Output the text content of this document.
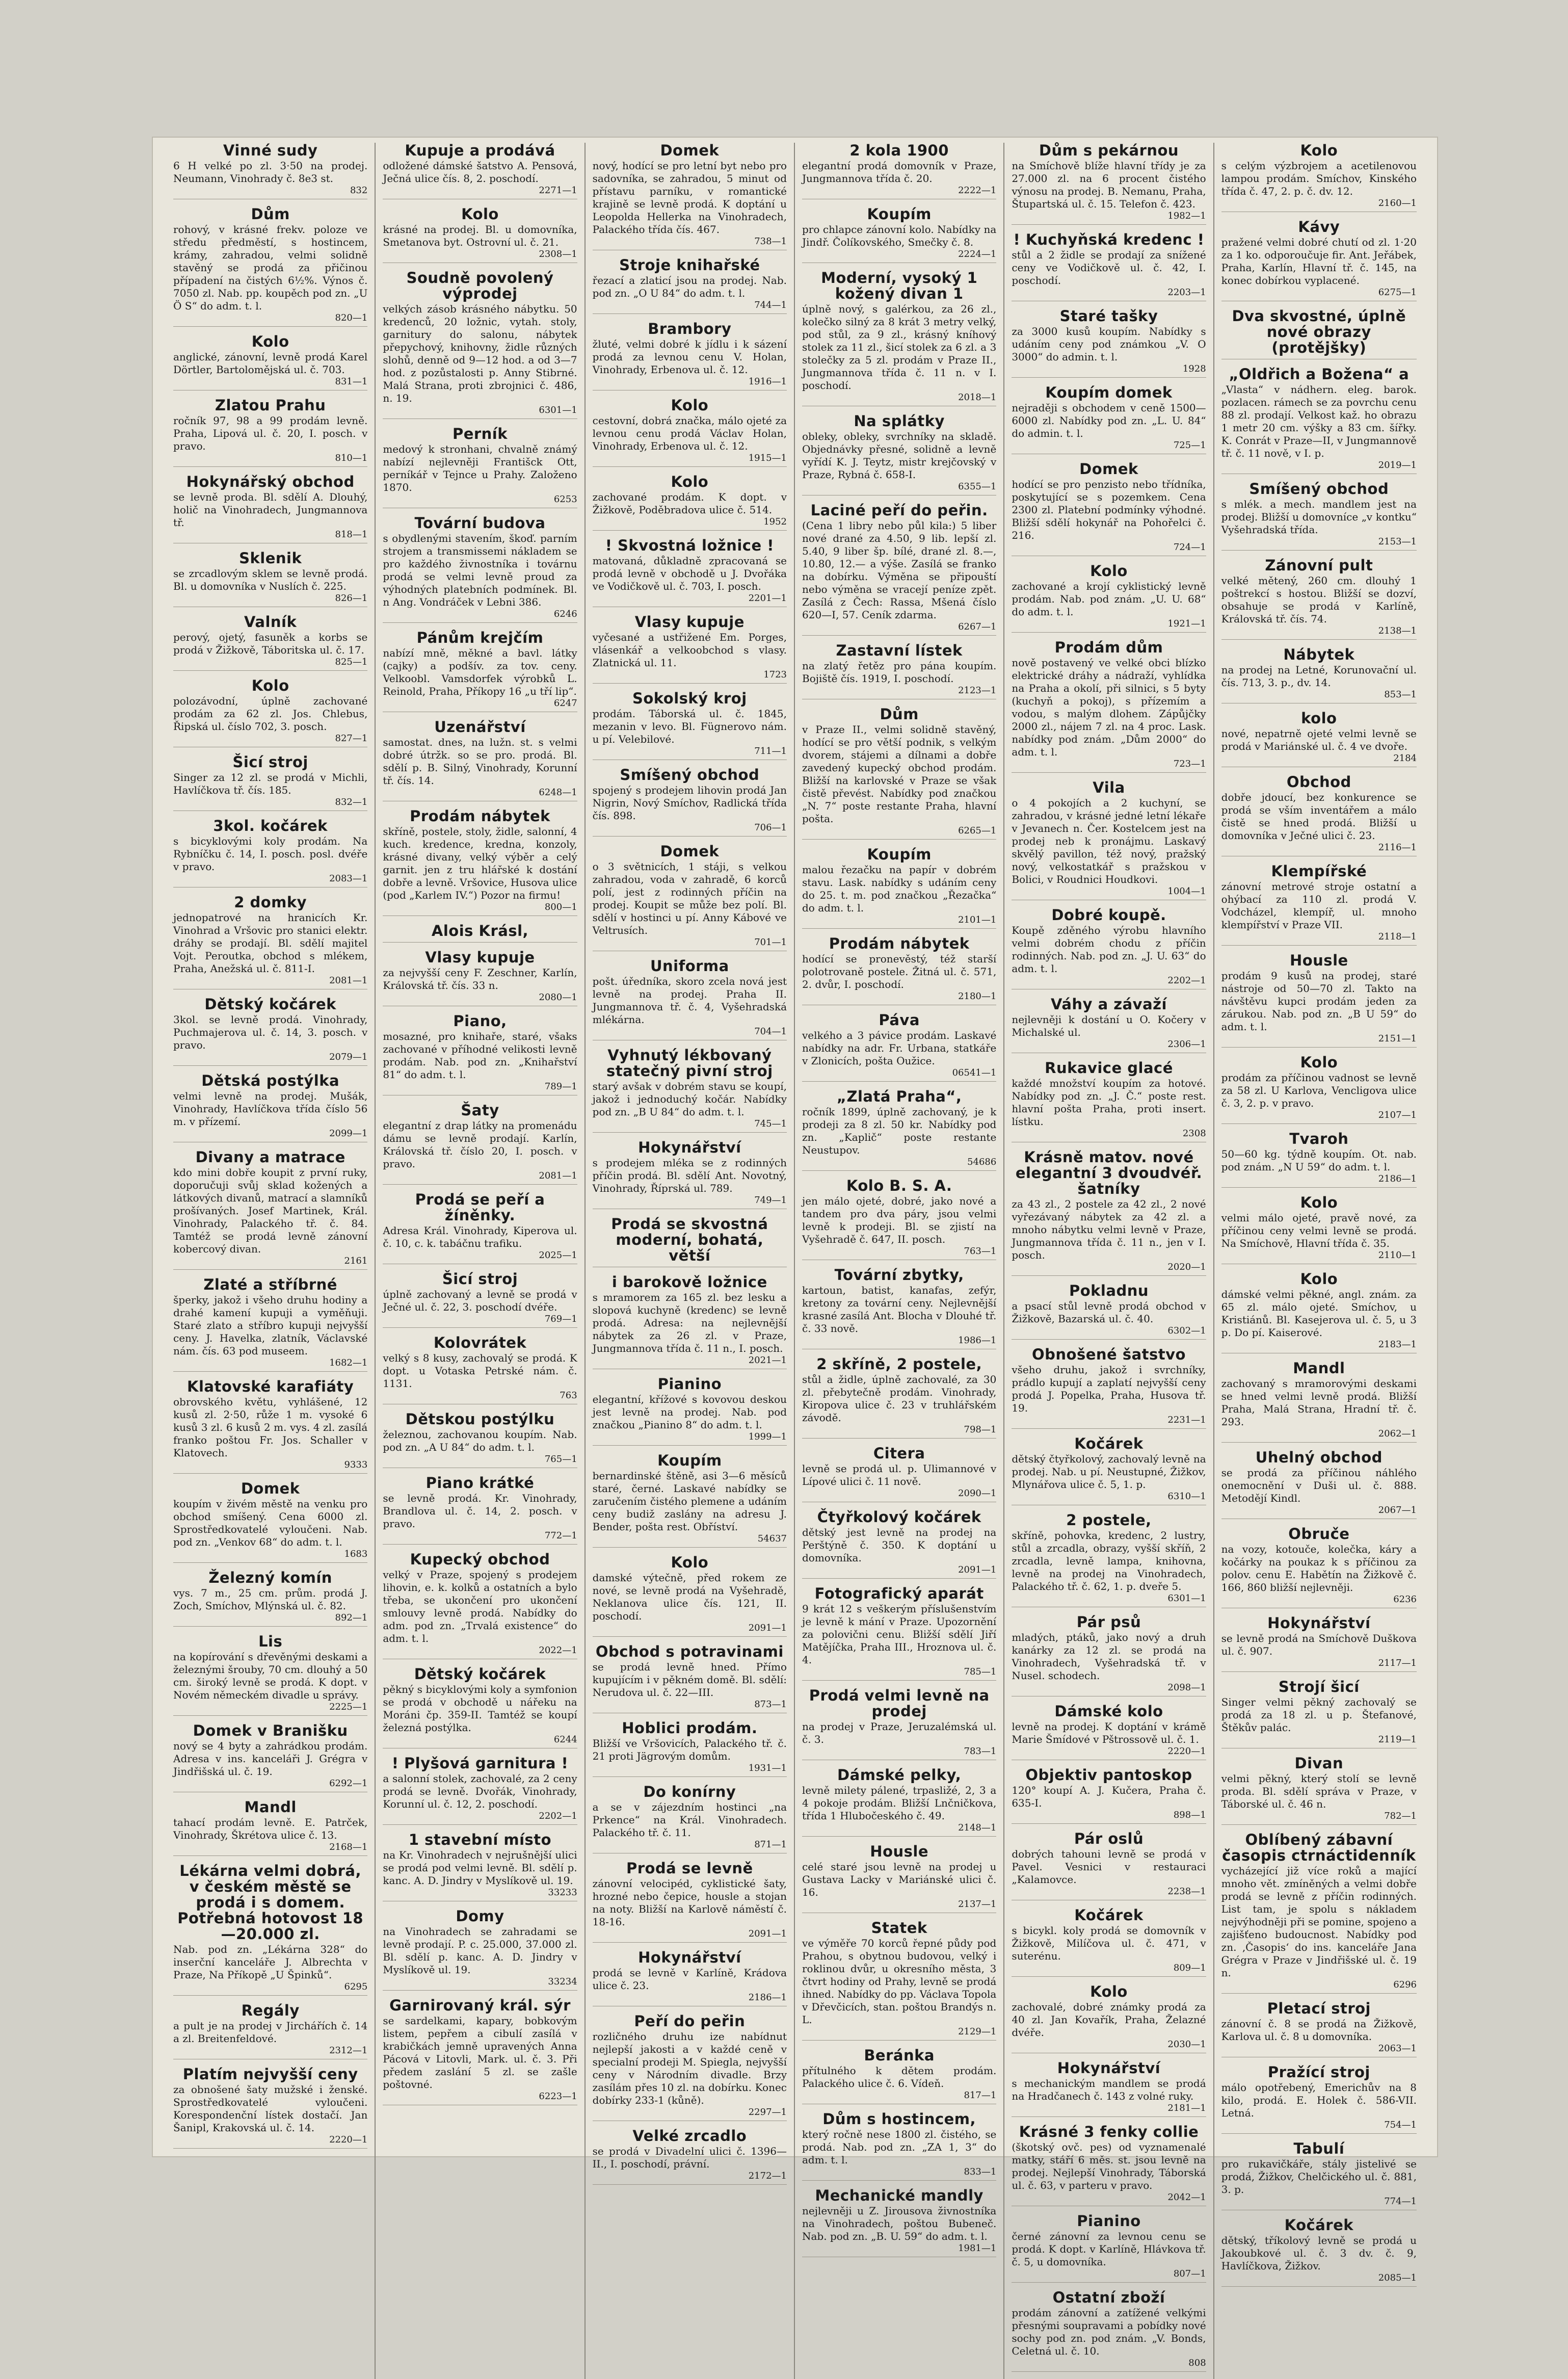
Vinné sudy

6 H velké po zl. 3·50 na prodej. Neumann, Vinohrady č. 8e3 st.

832
Dům

rohový, v krásné frekv. poloze ve středu předměstí, s hostincem, krámy, zahradou, velmi solidně stavěný se prodá za přičinou případení na čistých 6½%. Výnos č. 7050 zl. Nab. pp. koupěch pod zn. „U Ö S“ do adm. t. l.

820—1
Kolo

anglické, zánovní, levně prodá Karel Dörtler, Bartolomějská ul. č. 703.

831—1
Zlatou Prahu

ročník 97, 98 a 99 prodám levně. Praha, Lipová ul. č. 20, I. posch. v pravo.

810—1
Hokynářský obchod

se levně proda. Bl. sdělí A. Dlouhý, holič na Vinohradech, Jungmannova tř.

818—1
Sklenik

se zrcadlovým sklem se levně prodá. Bl. u domovníka v Nuslích č. 225.

826—1
Valník

perový, ojetý, fasuněk a korbs se prodá v Žižkově, Táboritska ul. č. 17.

825—1
Kolo

polozávodní, úplně zachované prodám za 62 zl. Jos. Chlebus, Řipská ul. číslo 702, 3. posch.

827—1
Šicí stroj

Singer za 12 zl. se prodá v Michli, Havlíčkova tř. čís. 185.

832—1
3kol. kočárek

s bicyklovými koly prodám. Na Rybníčku č. 14, I. posch. posl. dvéře v pravo.

2083—1
2 domky

jednopatrové na hranicích Kr. Vinohrad a Vršovic pro stanici elektr. dráhy se prodají. Bl. sdělí majitel Vojt. Peroutka, obchod s mlékem, Praha, Anežská ul. č. 811-I.

2081—1
Dětský kočárek

3kol. se levně prodá. Vinohrady, Puchmajerova ul. č. 14, 3. posch. v pravo.

2079—1
Dětská postýlka

velmi levně na prodej. Mušák, Vinohrady, Havlíčkova třída číslo 56 m. v přízemí.

2099—1
Divany a matrace

kdo mini dobře koupit z první ruky, doporučuji svůj sklad kožených a látkových divanů, matrací a slamníků prošívaných. Josef Martinek, Král. Vinohrady, Palackého tř. č. 84. Tamtéž se prodá levně zánovní kobercový divan.

2161
Zlaté a stříbrné

šperky, jakož i všeho druhu hodiny a drahé kamení kupuji a vyměňuji. Staré zlato a stříbro kupuji nejvyšší ceny. J. Havelka, zlatník, Václavské nám. čís. 63 pod museem.

1682—1
Klatovské karafiáty

obrovského květu, vyhlášené, 12 kusů zl. 2·50, růže 1 m. vysoké 6 kusů 3 zl. 6 kusů 2 m. vys. 4 zl. zasílá franko poštou Fr. Jos. Schaller v Klatovech.

9333
Domek

koupím v živém městě na venku pro obchod smíšený. Cena 6000 zl. Sprostředkovatelé vyloučeni. Nab. pod zn. „Venkov 68“ do adm. t. l.

1683
Železný komín

vys. 7 m., 25 cm. prům. prodá J. Zoch, Smíchov, Mlýnská ul. č. 82.

892—1
Lis

na kopírování s dřevěnými deskami a železnými šrouby, 70 cm. dlouhý a 50 cm. široký levně se prodá. K dopt. v Novém německém divadle u správy.

2225—1
Domek v Branišku

nový se 4 byty a zahrádkou prodám. Adresa v ins. kanceláři J. Grégra v Jindřišská ul. č. 19.

6292—1
Mandl

tahací prodám levně. E. Patrček, Vinohrady, Škrétova ulice č. 13.

2168—1
Lékárna velmi dobrá, v českém městě se prodá i s domem. Potřebná hotovost 18—20.000 zl.

Nab. pod zn. „Lékárna 328“ do inserční kanceláře J. Albrechta v Praze, Na Příkopě „U Špinků“.

6295
Regály

a pult je na prodej v Jirchářích č. 14 a zl. Breitenfeldové.

2312—1
Platím nejvyšší ceny

za obnošené šaty mužské i ženské. Sprostředkovatelé vyloučeni. Korespondenční lístek dostačí. Jan Šanipl, Krakovská ul. č. 14.

2220—1
Kupuje a prodává

odložené dámské šatstvo A. Pensová, Ječná ulice čís. 8, 2. poschodí.

2271—1
Kolo

krásné na prodej. Bl. u domovníka, Smetanova byt. Ostrovní ul. č. 21.

2308—1
Soudně povolený výprodej

velkých zásob krásného nábytku. 50 kredenců, 20 ložnic, vytah. stoly, garnitury do salonu, nábytek přepychový, knihovny, židle různých slohů, denně od 9—12 hod. a od 3—7 hod. z pozůstalosti p. Anny Stibrné. Malá Strana, proti zbrojnici č. 486, n. 19.

6301—1
Perník

medový k stronhani, chvalně známý nabízí nejlevněji Františck Ott, perníkář v Tejnce u Prahy. Založeno 1870.

6253
Tovární budova

s obydlenými stavením, škoď. parním strojem a transmissemi nákladem se pro každého živnostníka i továrnu prodá se velmi levně proud za výhodných platebních podmínek. Bl. n Ang. Vondráček v Lebni 386.

6246
Pánům krejčím

nabízí mně, měkné a bavl. látky (cajky) a podšív. za tov. ceny. Velkoobl. Vamsdorfek výrobků L. Reinold, Praha, Příkopy 16 „u tří lip“.

6247
Uzenářství

samostat. dnes, na lužn. st. s velmi dobré útržk. so se pro. prodá. Bl. sdělí p. B. Silný, Vinohrady, Korunní tř. čís. 14.

6248—1
Prodám nábytek

skříně, postele, stoly, židle, salonní, 4 kuch. kredence, kredna, konzoly, krásné divany, velký výběr a celý garnit. jen z tru hlářské k dostání dobře a levně. Vršovice, Husova ulice (pod „Karlem IV.“) Pozor na firmu!

800—1
Alois Krásl,
Vlasy kupuje

za nejvyšší ceny F. Zeschner, Karlín, Královská tř. čís. 33 n.

2080—1
Piano,

mosazné, pro knihaře, staré, všaks zachované v příhodné velikosti levně prodám. Nab. pod zn. „Knihařství 81“ do adm. t. l.

789—1
Šaty

elegantní z drap látky na promenádu dámu se levně prodají. Karlín, Královská tř. číslo 20, I. posch. v pravo.

2081—1
Prodá se peří a žíněnky.

Adresa Král. Vinohrady, Kiperova ul. č. 10, c. k. tabáčnu trafiku.

2025—1
Šicí stroj

úplně zachovaný a levně se prodá v Ječné ul. č. 22, 3. poschodí dvéře.

769—1
Kolovrátek

velký s 8 kusy, zachovalý se prodá. K dopt. u Votaska Petrské nám. č. 1131.

763
Dětskou postýlku

železnou, zachovanou koupím. Nab. pod zn. „A U 84“ do adm. t. l.

765—1
Piano krátké

se levně prodá. Kr. Vinohrady, Brandlova ul. č. 14, 2. posch. v pravo.

772—1
Kupecký obchod

velký v Praze, spojený s prodejem lihovin, e. k. kolků a ostatních a bylo třeba, se ukončení pro ukončení smlouvy levně prodá. Nabídky do adm. pod zn. „Trvalá existence“ do adm. t. l.

2022—1
Dětský kočárek

pěkný s bicyklovými koly a symfonion se prodá v obchodě u nářeku na Moráni čp. 359-II. Tamtéž se koupí železná postýlka.

6244
! Plyšová garnitura !

a salonní stolek, zachovalé, za 2 ceny prodá se levně. Dvořák, Vinohrady, Korunní ul. č. 12, 2. poschodí.

2202—1
1 stavební místo

na Kr. Vinohradech v nejrušnější ulici se prodá pod velmi levně. Bl. sdělí p. kanc. A. D. Jindry v Myslíkově ul. 19.

33233
Domy

na Vinohradech se zahradami se levně prodají. P. c. 25.000, 37.000 zl. Bl. sdělí p. kanc. A. D. Jindry v Myslíkově ul. 19.

33234
Garnirovaný král. sýr

se sardelkami, kapary, bobkovým listem, pepřem a cibulí zasílá v krabičkách jemně upravených Anna Pácová v Litovli, Mark. ul. č. 3. Při předem zaslání 5 zl. se zašle poštovné.

6223—1
Domek

nový, hodící se pro letní byt nebo pro sadovníka, se zahradou, 5 minut od přístavu parníku, v romantické krajině se levně prodá. K doptání u Leopolda Hellerka na Vinohradech, Palackého třída čís. 467.

738—1
Stroje knihařské

řezací a zlaticí jsou na prodej. Nab. pod zn. „O U 84“ do adm. t. l.

744—1
Brambory

žluté, velmi dobré k jídlu i k sázení prodá za levnou cenu V. Holan, Vinohrady, Erbenova ul. č. 12.

1916—1
Kolo

cestovní, dobrá značka, málo ojeté za levnou cenu prodá Václav Holan, Vinohrady, Erbenova ul. č. 12.

1915—1
Kolo

zachované prodám. K dopt. v Žižkově, Poděbradova ulice č. 514.

1952
! Skvostná ložnice !

matovaná, důkladně zpracovaná se prodá levně v obchodě u J. Dvořáka ve Vodičkově ul. č. 703, I. posch.

2201—1
Vlasy kupuje

vyčesané a ustřižené Em. Porges, vlásenkář a velkoobchod s vlasy. Zlatnická ul. 11.

1723
Sokolský kroj

prodám. Táborská ul. č. 1845, mezanin v levo. Bl. Fügnerovo nám. u pí. Velebilové.

711—1
Smíšený obchod

spojený s prodejem lihovin prodá Jan Nigrin, Nový Smíchov, Radlická třída čís. 898.

706—1
Domek

o 3 světnicích, 1 stáji, s velkou zahradou, voda v zahradě, 6 korců polí, jest z rodinných příčin na prodej. Koupit se může bez polí. Bl. sdělí v hostinci u pí. Anny Kábové ve Veltrusích.

701—1
Uniforma

pošt. úředníka, skoro zcela nová jest levně na prodej. Praha II. Jungmannova tř. č. 4, Vyšehradská mlékárna.

704—1
Vyhnutý lékbovaný statečný pivní stroj

starý avšak v dobrém stavu se koupí, jakož i jednoduchý kočár. Nabídky pod zn. „B U 84“ do adm. t. l.

745—1
Hokynářství

s prodejem mléka se z rodinných příčin prodá. Bl. sdělí Ant. Novotný, Vinohrady, Říprská ul. 789.

749—1
Prodá se skvostná moderní, bohatá, větší
i barokově ložnice

s mramorem za 165 zl. bez lesku a slopová kuchyně (kredenc) se levně prodá. Adresa: na nejlevnější nábytek za 26 zl. v Praze, Jungmannova třída č. 11 n., I. posch.

2021—1
Pianino

elegantní, křížové s kovovou deskou jest levně na prodej. Nab. pod značkou „Pianino 8“ do adm. t. l.

1999—1
Koupím

bernardinské štěně, asi 3—6 měsíců staré, černé. Laskavé nabídky se zaručením čistého plemene a udáním ceny budiž zaslány na adresu J. Bender, pošta rest. Obříství.

54637
Kolo

damské výtečně, před rokem ze nové, se levně prodá na Vyšehradě, Neklanova ulice čís. 121, II. poschodí.

2091—1
Obchod s potravinami

se prodá levně hned. Přímo kupujícím i v pěkném domě. Bl. sdělí: Nerudova ul. č. 22—III.

873—1
Hoblici prodám.

Bližší ve Vršovicích, Palackého tř. č. 21 proti Jägrovým domům.

1931—1
Do konírny

a se v zájezdním hostinci „na Prkence“ na Král. Vinohradech. Palackého tř. č. 11.

871—1
Prodá se levně

zánovní velocipéd, cyklistické šaty, hrozné nebo čepice, housle a stojan na noty. Bližší na Karlově náměstí č. 18-16.

2091—1
Hokynářství

prodá se levně v Karlíně, Krádova ulice č. 23.

2186—1
Peří do peřin

rozličného druhu ize nabídnut nejlepší jakosti a v každé ceně v specialní prodeji M. Spiegla, nejvyšší ceny v Národním divadle. Brzy zasílám přes 10 zl. na dobírku. Konec dobírky 233-1 (kůně).

2297—1
Velké zrcadlo

se prodá v Divadelní ulici č. 1396—II., I. poschodí, právní.

2172—1
2 kola 1900

elegantní prodá domovník v Praze, Jungmannova třída č. 20.

2222—1
Koupím

pro chlapce zánovní kolo. Nabídky na Jindř. Čolíkovského, Smečky č. 8.

2224—1
Moderní, vysoký 1 kožený divan 1

úplně nový, s galérkou, za 26 zl., kolečko silný za 8 krát 3 metry velký, pod stůl, za 9 zl., krásný kníhový stolek za 11 zl., šicí stolek za 6 zl. a 3 stolečky za 5 zl. prodám v Praze II., Jungmannova třída č. 11 n. v I. poschodí.

2018—1
Na splátky

obleky, obleky, svrchníky na skladě. Objednávky přesné, solidně a levně vyřídí K. J. Teytz, mistr krejčovský v Praze, Rybná č. 658-I.

6355—1
Laciné peří do peřin.

(Cena 1 libry nebo půl kila:) 5 liber nové drané za 4.50, 9 lib. lepší zl. 5.40, 9 liber šp. bílé, drané zl. 8.—, 10.80, 12.— a výše. Zasílá se franko na dobírku. Výměna se připouští nebo výměna se vracejí peníze zpět. Zasílá z Čech: Rassa, Mšená číslo 620—I, 57. Ceník zdarma.

6267—1
Zastavní lístek

na zlatý řetěz pro pána koupím. Bojiště čís. 1919, I. poschodí.

2123—1
Dům

v Praze II., velmi solidně stavěný, hodící se pro větší podnik, s velkým dvorem, stájemi a dílnami a dobře zavedený kupecký obchod prodám. Bližší na karlovské v Praze se však čistě převést. Nabídky pod značkou „N. 7“ poste restante Praha, hlavní pošta.

6265—1
Koupím

malou řezačku na papír v dobrém stavu. Lask. nabídky s udáním ceny do 25. t. m. pod značkou „Řezačka“ do adm. t. l.

2101—1
Prodám nábytek

hodící se pronevěstý, též starší polotrovaně postele. Žitná ul. č. 571, 2. dvůr, I. poschodí.

2180—1
Páva

velkého a 3 pávice prodám. Laskavé nabídky na adr. Fr. Urbana, statkáře v Zlonicích, pošta Oužice.

06541—1
„Zlatá Praha“,

ročník 1899, úplně zachovaný, je k prodeji za 8 zl. 50 kr. Nabídky pod zn. „Kaplič“ poste restante Neustupov.

54686
Kolo B. S. A.

jen málo ojeté, dobré, jako nové a tandem pro dva páry, jsou velmi levně k prodeji. Bl. se zjistí na Vyšehradě č. 647, II. posch.

763—1
Tovární zbytky,

kartoun, batist, kanafas, zefýr, kretony za tovární ceny. Nejlevnější krasné zasílá Ant. Blocha v Dlouhé tř. č. 33 nově.

1986—1
2 skříně, 2 postele,

stůl a židle, úplně zachovalé, za 30 zl. přebytečně prodám. Vinohrady, Kiropova ulice č. 23 v truhlářském závodě.

798—1
Citera

levně se prodá ul. p. Ulimannové v Lípové ulici č. 11 nově.

2090—1
Čtyřkolový kočárek

dětský jest levně na prodej na Perštýně č. 350. K doptání u domovníka.

2091—1
Fotografický aparát

9 krát 12 s veškerým příslušenstvím je levně k mání v Praze. Upozornění za polovični cenu. Bližší sdělí Jiří Matějíčka, Praha III., Hroznova ul. č. 4.

785—1
Prodá velmi levně na prodej

na prodej v Praze, Jeruzalémská ul. č. 3.

783—1
Dámské pelky,

levně milety pálené, trpasližé, 2, 3 a 4 pokoje prodám. Bližší Lnčničkova, třída 1 Hlubočeského č. 49.

2148—1
Housle

celé staré jsou levně na prodej u Gustava Lacky v Mariánské ulici č. 16.

2137—1
Statek

ve výměře 70 korců řepné půdy pod Prahou, s obytnou budovou, velký i roklinou dvůr, u okresního města, 3 čtvrt hodiny od Prahy, levně se prodá ihned. Nabídky do pp. Václava Topola v Dřevčicích, stan. poštou Brandýs n. L.

2129—1
Beránka

přítulného k dětem prodám. Palackého ulice č. 6. Vídeň.

817—1
Dům s hostincem,

který ročně nese 1800 zl. čistého, se prodá. Nab. pod zn. „ZA 1, 3“ do adm. t. l.

833—1
Mechanické mandly

nejlevněji u Z. Jirousova živnostníka na Vinohradech, poštou Bubeneč. Nab. pod zn. „B. U. 59“ do adm. t. l.

1981—1
Dům s pekárnou

na Smíchově blíže hlavní třídy je za 27.000 zl. na 6 procent čistého výnosu na prodej. B. Nemanu, Praha, Štupartská ul. č. 15. Telefon č. 423.

1982—1
! Kuchyňská kredenc !

stůl a 2 židle se prodají za snížené ceny ve Vodičkově ul. č. 42, I. poschodí.

2203—1
Staré tašky

za 3000 kusů koupím. Nabídky s udáním ceny pod známkou „V. O 3000“ do admin. t. l.

1928
Koupím domek

nejraději s obchodem v ceně 1500—6000 zl. Nabídky pod zn. „L. U. 84“ do admin. t. l.

725—1
Domek

hodící se pro penzisto nebo třídníka, poskytující se s pozemkem. Cena 2300 zl. Platební podmínky výhodné. Bližší sdělí hokynář na Pohořelci č. 216.

724—1
Kolo

zachované a krojí cyklistický levně prodám. Nab. pod znám. „U. U. 68“ do adm. t. l.

1921—1
Prodám dům

nově postavený ve velké obci blízko elektrické dráhy a nádraží, vyhlídka na Praha a okolí, při silnici, s 5 byty (kuchyň a pokoj), s přízemím a vodou, s malým dlohem. Zápůjčky 2000 zl., nájem 7 zl. na 4 proc. Lask. nabídky pod znám. „Dům 2000“ do adm. t. l.

723—1
Vila

o 4 pokojích a 2 kuchyní, se zahradou, v krásné jedné letní lékaře v Jevanech n. Čer. Kostelcem jest na prodej neb k pronájmu. Laskavý skvělý pavillon, též nový, pražský nový, velkostatkář s pražskou v Bolici, v Roudnici Houdkovi.

1004—1
Dobré koupě.

Koupě zděného výrobu hlavního velmi dobrém chodu z příčin rodinných. Nab. pod zn. „J. U. 63“ do adm. t. l.

2202—1
Váhy a závaží

nejlevněji k dostání u O. Kočery v Michalské ul.

2306—1
Rukavice glacé

každé množství koupím za hotové. Nabídky pod zn. „J. Č.“ poste rest. hlavní pošta Praha, proti insert. lístku.

2308
Krásně matov. nové elegantní 3 dvoudvéř. šatníky

za 43 zl., 2 postele za 42 zl., 2 nové vyřezávaný nábytek za 42 zl. a mnoho nábytku velmi levně v Praze, Jungmannova třída č. 11 n., jen v I. posch.

2020—1
Pokladnu

a psací stůl levně prodá obchod v Žižkově, Bazarská ul. č. 40.

6302—1
Obnošené šatstvo

všeho druhu, jakož i svrchníky, prádlo kupují a zaplatí nejvyšší ceny prodá J. Popelka, Praha, Husova tř. 19.

2231—1
Kočárek

dětský čtyřkolový, zachovalý levně na prodej. Nab. u pí. Neustupné, Žižkov, Mlynářova ulice č. 5, 1. p.

6310—1
2 postele,

skříně, pohovka, kredenc, 2 lustry, stůl a zrcadla, obrazy, vyšší skříň, 2 zrcadla, levně lampa, knihovna, levně na prodej na Vinohradech, Palackého tř. č. 62, 1. p. dveře 5.

6301—1
Pár psů

mladých, ptáků, jako nový a druh kanárky za 12 zl. se prodá na Vinohradech, Vyšehradská tř. v Nusel. schodech.

2098—1
Dámské kolo

levně na prodej. K doptání v krámě Marie Šmídové v Pštrossově ul. č. 1.

2220—1
Objektiv pantoskop

120° koupí A. J. Kučera, Praha č. 635-I.

898—1
Pár oslů

dobrých tahouni levně se prodá v Pavel. Vesnici v restauraci „Kalamovce.

2238—1
Kočárek

s bicykl. koly prodá se domovník v Žižkově, Milíčova ul. č. 471, v suterénu.

809—1
Kolo

zachovalé, dobré známky prodá za 40 zl. Jan Kovařík, Praha, Želazné dvéře.

2030—1
Hokynářství

s mechanickým mandlem se prodá na Hradčanech č. 143 z volné ruky.

2181—1
Krásné 3 fenky collie

(škotský ovč. pes) od vyznamenalé matky, stáří 6 měs. st. jsou levně na prodej. Nejlepší Vinohrady, Táborská ul. č. 63, v parteru v pravo.

2042—1
Pianino

černé zánovní za levnou cenu se prodá. K dopt. v Karlíně, Hlávkova tř. č. 5, u domovníka.

807—1
Ostatní zboží

prodám zánovní a zatížené velkými přesnými soupravami a pobídky nové sochy pod zn. pod znám. „V. Bonds, Celetná ul. č. 10.

808
Kolo

s celým výzbrojem a acetilenovou lampou prodám. Smíchov, Kinského třída č. 47, 2. p. č. dv. 12.

2160—1
Kávy

pražené velmi dobré chutí od zl. 1·20 za 1 ko. odporoučuje fir. Ant. Jeřábek, Praha, Karlín, Hlavní tř. č. 145, na konec dobírkou vyplacené.

6275—1
Dva skvostné, úplně nové obrazy (protějšky)
„Oldřich a Božena“ a

„Vlasta“ v nádhern. eleg. barok. pozlacen. rámech se za povrchu cenu 88 zl. prodají. Velkost kaž. ho obrazu 1 metr 20 cm. výšky a 83 cm. šířky. K. Conrát v Praze—II, v Jungmannově tř. č. 11 nově, v I. p.

2019—1
Smíšený obchod

s mlék. a mech. mandlem jest na prodej. Bližší u domovníce „v kontku“ Vyšehradská třída.

2153—1
Zánovní pult

velké mětený, 260 cm. dlouhý 1 poštrekcí s hostou. Bližší se dozví, obsahuje se prodá v Karlíně, Královská tř. čís. 74.

2138—1
Nábytek

na prodej na Letné, Korunovační ul. čís. 713, 3. p., dv. 14.

853—1
kolo

nové, nepatrně ojeté velmi levně se prodá v Mariánské ul. č. 4 ve dvoře.

2184
Obchod

dobře jdoucí, bez konkurence se prodá se vším inventářem a málo čistě se hned prodá. Bližší u domovníka v Ječné ulici č. 23.

2116—1
Klempířské

zánovní metrové stroje ostatní a ohýbací za 110 zl. prodá V. Vodcházel, klempíř, ul. mnoho klempířství v Praze VII.

2118—1
Housle

prodám 9 kusů na prodej, staré nástroje od 50—70 zl. Takto na návštěvu kupci prodám jeden za zárukou. Nab. pod zn. „B U 59“ do adm. t. l.

2151—1
Kolo

prodám za příčinou vadnost se levně za 58 zl. U Karlova, Vencligova ulice č. 3, 2. p. v pravo.

2107—1
Tvaroh

50—60 kg. týdně koupím. Ot. nab. pod znám. „N U 59“ do adm. t. l.

2186—1
Kolo

velmi málo ojeté, pravě nové, za příčinou ceny velmi levně se prodá. Na Smíchově, Hlavní třída č. 35.

2110—1
Kolo

dámské velmi pěkné, angl. znám. za 65 zl. málo ojeté. Smíchov, u Kristiánů. Bl. Kasejerova ul. č. 5, u 3 p. Do pí. Kaiserové.

2183—1
Mandl

zachovaný s mramorovými deskami se hned velmi levně prodá. Bližší Praha, Malá Strana, Hradní tř. č. 293.

2062—1
Uhelný obchod

se prodá za příčinou náhlého onemocnění v Duši ul. č. 888. Metodějí Kindl.

2067—1
Obruče

na vozy, kotouče, kolečka, káry a kočárky na poukaz k s příčinou za polov. cenu E. Habětín na Žižkově č. 166, 860 bližší nejlevněji.

6236
Hokynářství

se levně prodá na Smíchově Duškova ul. č. 907.

2117—1
Strojí šicí

Singer velmi pěkný zachovalý se prodá za 18 zl. u p. Štefanové, Štěkův palác.

2119—1
Divan

velmi pěkný, který stolí se levně proda. Bl. sdělí správa v Praze, v Táborské ul. č. 46 n.

782—1
Oblíbený zábavní časopis ctrnáctidenník

vycházející již více roků a mající mnoho vět. zmíněných a velmi dobře prodá se levně z příčin rodinných. List tam, je spolu s nákladem nejvýhodněji při se pomine, spojeno a zajišťeno budoucnost. Nabídky pod zn. ‚Časopis‘ do ins. kanceláře Jana Grégra v Praze v Jindřišské ul. č. 19 n.

6296
Pletací stroj

zánovní č. 8 se prodá na Žižkově, Karlova ul. č. 8 u domovníka.

2063—1
Pražící stroj

málo opotřebený, Emerichův na 8 kilo, prodá. E. Holek č. 586-VII. Letná.

754—1
Tabulí

pro rukavičkáře, stály jistelivé se prodá, Žižkov, Chelčického ul. č. 881, 3. p.

774—1
Kočárek

dětský, tříkolový levně se prodá u Jakoubkové ul. č. 3 dv. č. 9, Havlíčkova, Žižkov.

2085—1
